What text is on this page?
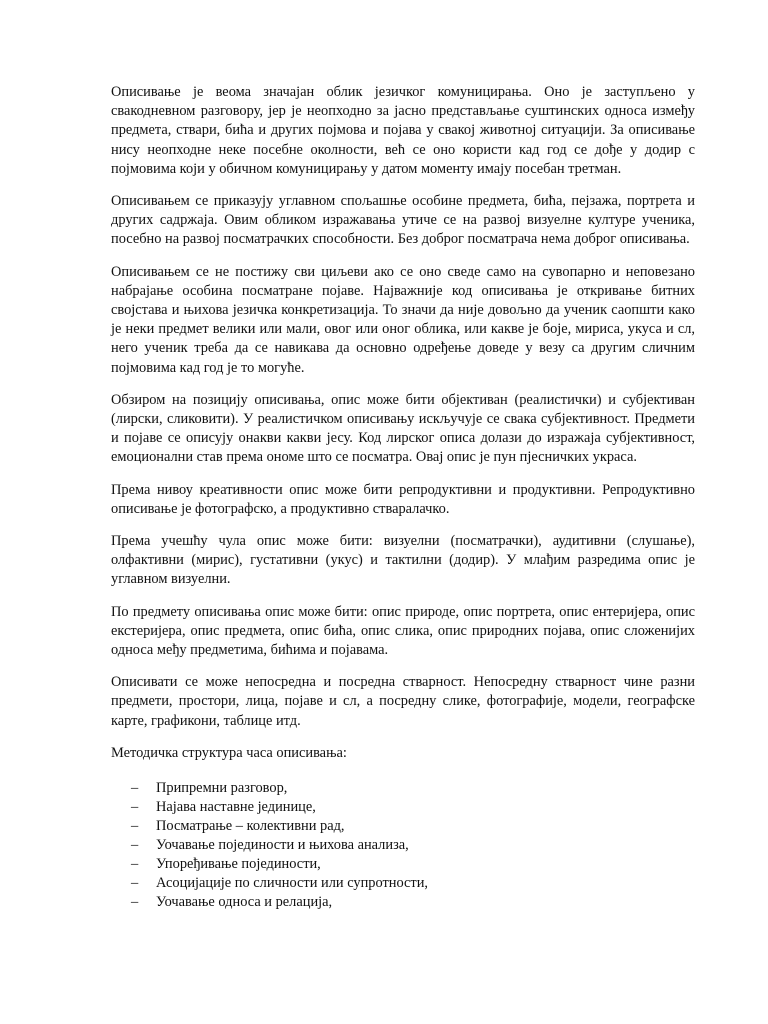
Описивање је веома значајан облик језичког комуницирања. Оно је заступљено у свакодневном разговору, јер је неопходно за јасно представљање суштинских односа између предмета, ствари, бића и других појмова и појава у свакој животној ситуацији. За описивање нису неопходне неке посебне околности, већ се оно користи кад год се дође у додир с појмовима који у обичном комуницирању у датом моменту имају посебан третман.

Описивањем се приказују углавном спољашње особине предмета, бића, пејзажа, портрета и других садржаја. Овим обликом изражавања утиче се на развој визуелне културе ученика, посебно на развој посматрачких способности. Без доброг посматрача нема доброг описивања.

Описивањем се не постижу сви циљеви ако се оно сведе само на сувопарно и неповезано набрајање особина посматране појаве. Најважније код описивања је откривање битних својстава и њихова језичка конкретизација. То значи да није довољно да ученик саопшти како је неки предмет велики или мали, овог или оног облика, или какве је боје, мириса, укуса и сл, него ученик треба да се навикава да основно одређење доведе у везу са другим сличним појмовима кад год је то могуће.

Обзиром на позицију описивања, опис може бити објективан (реалистички) и субјективан (лирски, сликовити). У реалистичком описивању искључује се свака субјективност. Предмети и појаве се описују онакви какви јесу. Код лирског описа долази до изражаја субјективност, емоционални став према ономе што се посматра. Овај опис је пун пјесничких украса.

Према нивоу креативности опис може бити репродуктивни и продуктивни. Репродуктивно описивање је фотографско, а продуктивно стваралачко.

Према учешћу чула опис може бити: визуелни (посматрачки), аудитивни (слушање), олфактивни (мирис), густативни (укус) и тактилни (додир). У млађим разредима опис је углавном визуелни.

По предмету описивања опис може бити: опис природе, опис портрета, опис ентеријера, опис екстеријера, опис предмета, опис бића, опис слика, опис природних појава, опис сложенијих односа међу предметима, бићима и појавама.

Описивати се може непосредна и посредна стварност. Непосредну стварност чине разни предмети, простори, лица, појаве и сл, а посредну слике, фотографије, модели, географске карте, графикони, таблице итд.

Методичка структура часа описивања:

– Припремни разговор,
– Најава наставне јединице,
– Посматрање – колективни рад,
– Уочавање појединости и њихова анализа,
– Упоређивање појединости,
– Асоцијације по сличности или супротности,
– Уочавање односа и релација,
